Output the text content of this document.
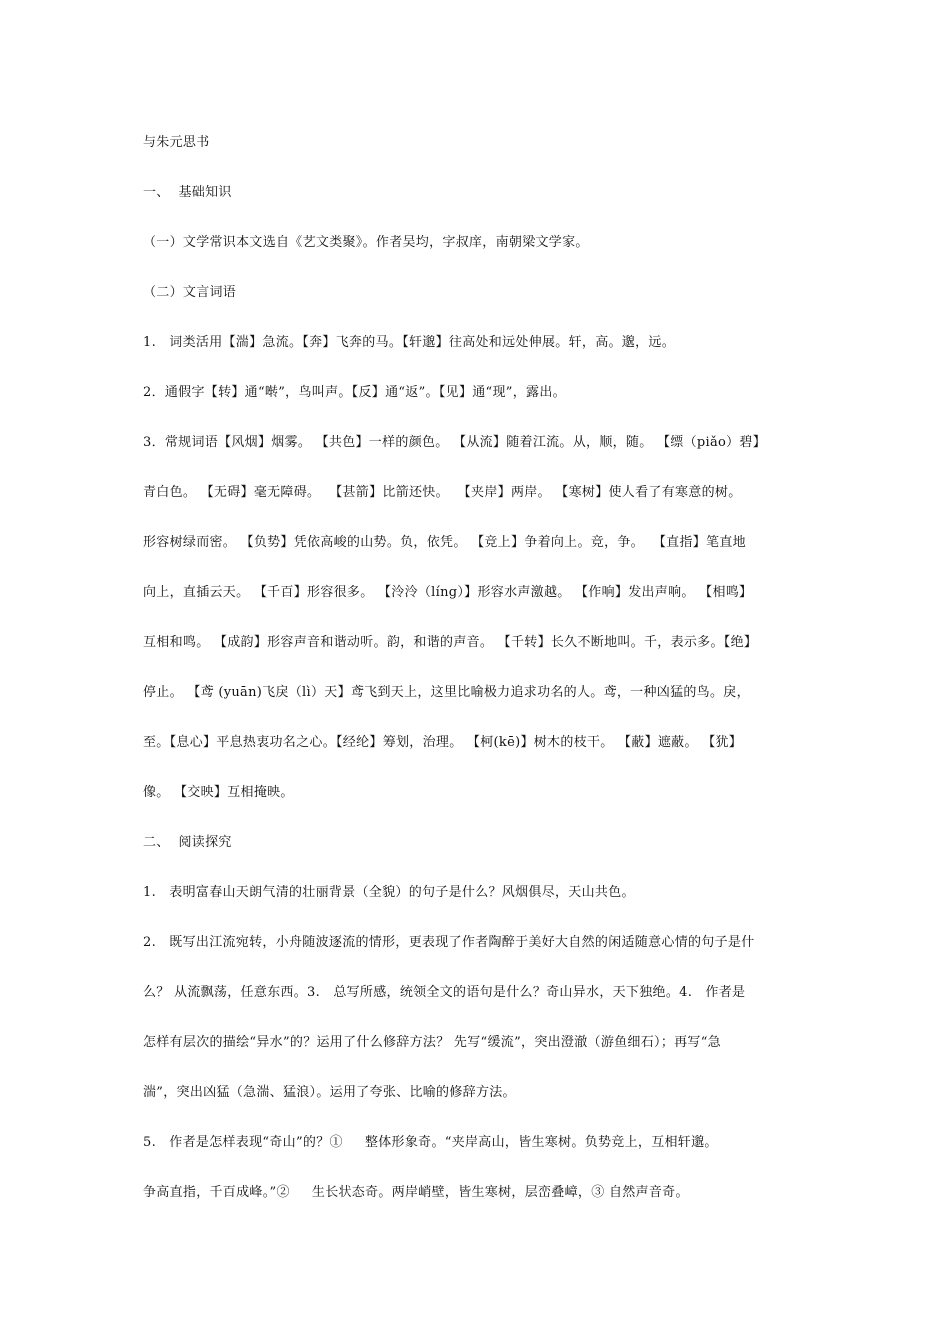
与朱元思书
一、  基础知识
（一）文学常识本文选自《艺文类聚》。作者吴均，字叔庠，南朝梁文学家。
（二）文言词语
1.   词类活用【湍】急流。【奔】飞奔的马。【轩邈】往高处和远处伸展。轩，高。邈，远。
2．通假字【转】通“啭”，鸟叫声。【反】通“返”。【见】通“现”，露出。
3．常规词语【风烟】烟雾。 【共色】一样的颜色。 【从流】随着江流。从，顺，随。 【缥（piǎo）碧】
青白色。 【无碍】毫无障碍。  【甚箭】比箭还快。  【夹岸】两岸。 【寒树】使人看了有寒意的树。
形容树绿而密。 【负势】凭依高峻的山势。负，依凭。 【竞上】争着向上。竞，争。  【直指】笔直地
向上，直插云天。 【千百】形容很多。 【泠泠（líng）】形容水声激越。 【作响】发出声响。 【相鸣】
互相和鸣。 【成韵】形容声音和谐动听。韵，和谐的声音。 【千转】长久不断地叫。千，表示多。【绝】
停止。 【鸢 (yuān)飞戾（lì）天】鸢飞到天上，这里比喻极力追求功名的人。鸢，一种凶猛的鸟。戾，
至。【息心】平息热衷功名之心。【经纶】筹划，治理。 【柯(kē)】树木的枝干。 【蔽】遮蔽。 【犹】
像。 【交映】互相掩映。
二、  阅读探究
1.   表明富春山天朗气清的壮丽背景（全貌）的句子是什么？风烟俱尽，天山共色。
2.   既写出江流宛转，小舟随波逐流的情形，更表现了作者陶醉于美好大自然的闲适随意心情的句子是什
么？ 从流飘荡，任意东西。3.   总写所感，统领全文的语句是什么？奇山异水，天下独绝。4.   作者是
怎样有层次的描绘“异水”的？运用了什么修辞方法？ 先写“缓流”，突出澄澈（游鱼细石）；再写“急
湍”，突出凶猛（急湍、猛浪）。运用了夸张、比喻的修辞方法。
5.   作者是怎样表现“奇山”的？①     整体形象奇。“夹岸高山，皆生寒树。负势竞上，互相轩邈。
争高直指，千百成峰。”②     生长状态奇。两岸峭壁，皆生寒树，层峦叠嶂，③ 自然声音奇。
